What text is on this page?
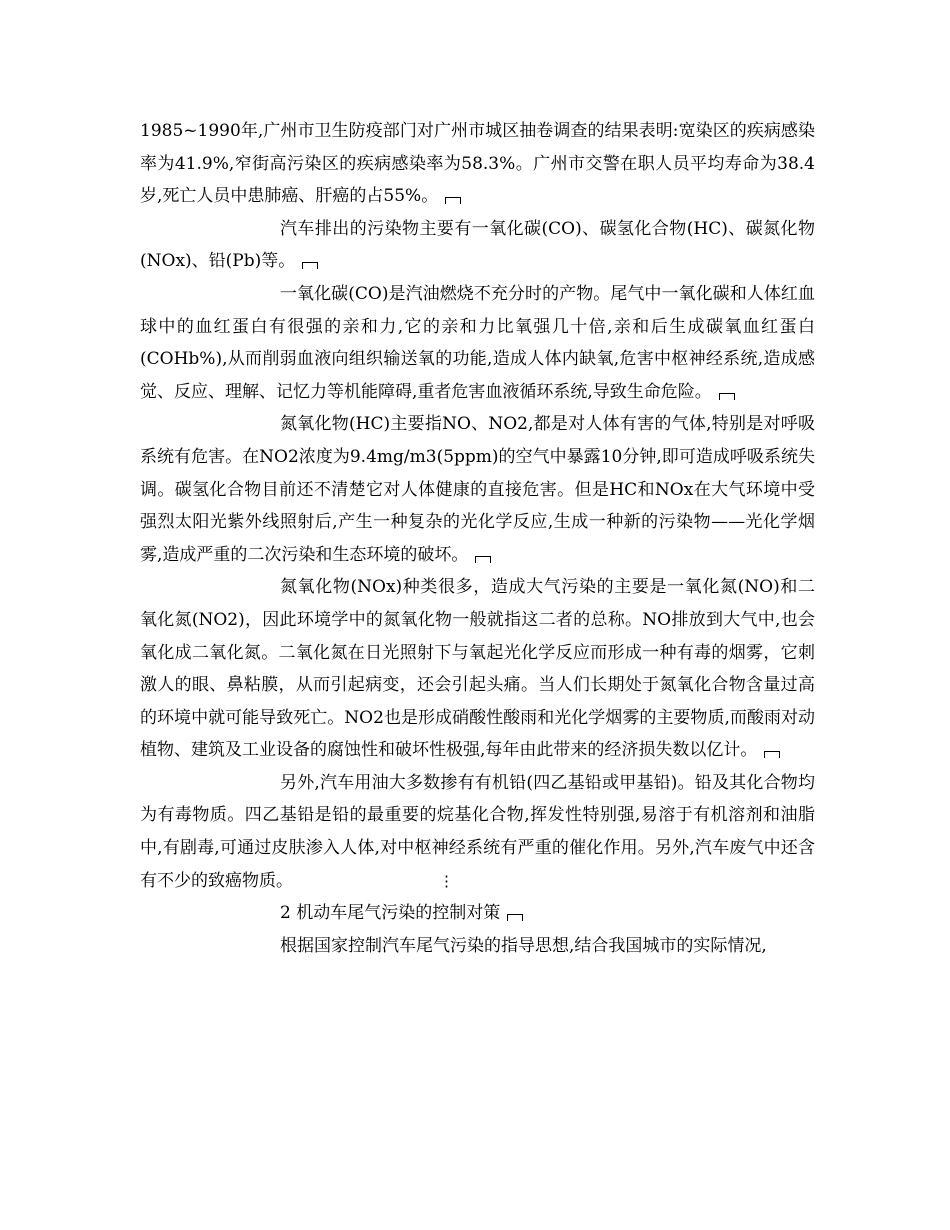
1985~1990年,广州市卫生防疫部门对广州市城区抽卷调查的结果表明:宽染区的疾病感染率为41.9%,窄街高污染区的疾病感染率为58.3%。广州市交警在职人员平均寿命为38.4岁,死亡人员中患肺癌、肝癌的占55%。

汽车排出的污染物主要有一氧化碳(CO)、碳氢化合物(HC)、碳氮化物(NOx)、铅(Pb)等。

一氧化碳(CO)是汽油燃烧不充分时的产物。尾气中一氧化碳和人体红血球中的血红蛋白有很强的亲和力,它的亲和力比氧强几十倍,亲和后生成碳氧血红蛋白(COHb%),从而削弱血液向组织输送氧的功能,造成人体内缺氧,危害中枢神经系统,造成感觉、反应、理解、记忆力等机能障碍,重者危害血液循环系统,导致生命危险。

氮氧化物(HC)主要指NO、NO2,都是对人体有害的气体,特别是对呼吸系统有危害。在NO2浓度为9.4mg/m3(5ppm)的空气中暴露10分钟,即可造成呼吸系统失调。碳氢化合物目前还不清楚它对人体健康的直接危害。但是HC和NOx在大气环境中受强烈太阳光紫外线照射后,产生一种复杂的光化学反应,生成一种新的污染物——光化学烟雾,造成严重的二次污染和生态环境的破坏。

氮氧化物(NOx)种类很多，造成大气污染的主要是一氧化氮(NO)和二氧化氮(NO2)，因此环境学中的氮氧化物一般就指这二者的总称。NO排放到大气中,也会氧化成二氧化氮。二氧化氮在日光照射下与氧起光化学反应而形成一种有毒的烟雾，它刺激人的眼、鼻粘膜，从而引起病变，还会引起头痛。当人们长期处于氮氧化合物含量过高的环境中就可能导致死亡。NO2也是形成硝酸性酸雨和光化学烟雾的主要物质,而酸雨对动植物、建筑及工业设备的腐蚀性和破坏性极强,每年由此带来的经济损失数以亿计。

另外,汽车用油大多数掺有有机铅(四乙基铅或甲基铅)。铅及其化合物均为有毒物质。四乙基铅是铅的最重要的烷基化合物,挥发性特别强,易溶于有机溶剂和油脂中,有剧毒,可通过皮肤渗入人体,对中枢神经系统有严重的催化作用。另外,汽车废气中还含有不少的致癌物质。	⋮

2 机动车尾气污染的控制对策

根据国家控制汽车尾气污染的指导思想,结合我国城市的实际情况,
